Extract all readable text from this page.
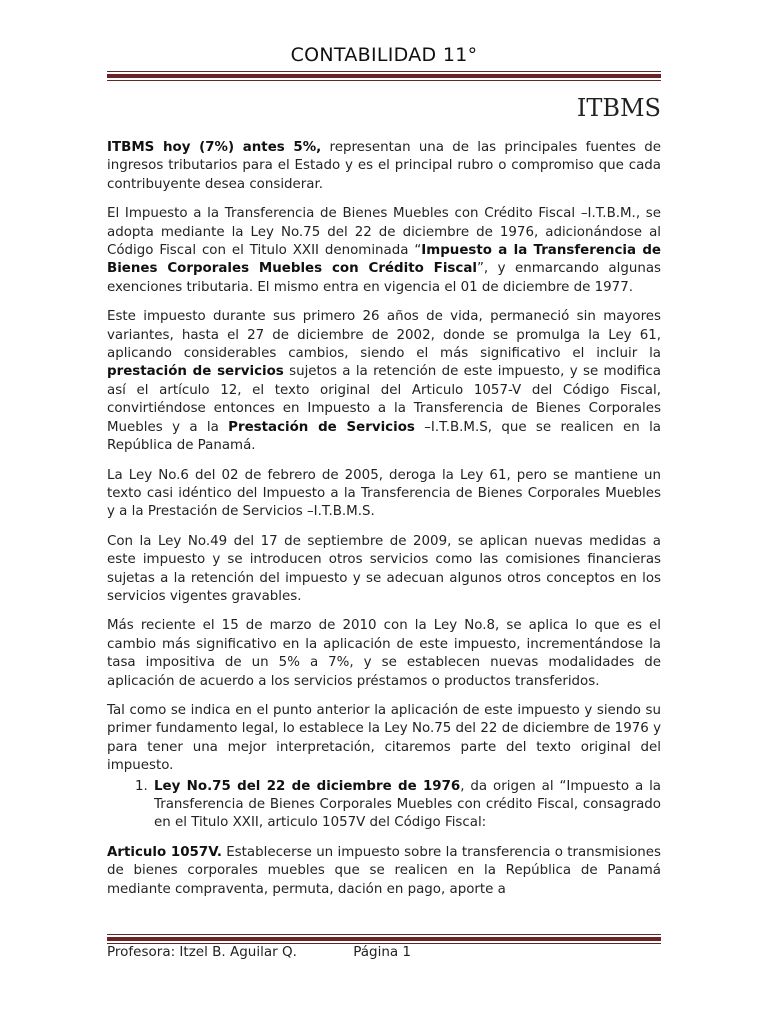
CONTABILIDAD 11°
ITBMS

ITBMS hoy (7%) antes 5%, representan una de las principales fuentes de ingresos tributarios para el Estado y es el principal rubro o compromiso que cada contribuyente desea considerar.

El Impuesto a la Transferencia de Bienes Muebles con Crédito Fiscal –I.T.B.M., se adopta mediante la Ley No.75 del 22 de diciembre de 1976, adicionándose al Código Fiscal con el Titulo XXII denominada “Impuesto a la Transferencia de Bienes Corporales Muebles con Crédito Fiscal”, y enmarcando algunas exenciones tributaria. El mismo entra en vigencia el 01 de diciembre de 1977.

Este impuesto durante sus primero 26 años de vida, permaneció sin mayores variantes, hasta el 27 de diciembre de 2002, donde se promulga la Ley 61, aplicando considerables cambios, siendo el más significativo el incluir la prestación de servicios sujetos a la retención de este impuesto, y se modifica así el artículo 12, el texto original del Articulo 1057-V del Código Fiscal, convirtiéndose entonces en Impuesto a la Transferencia de Bienes Corporales Muebles y a la Prestación de Servicios –I.T.B.M.S, que se realicen en la República de Panamá.

La Ley No.6 del 02 de febrero de 2005, deroga la Ley 61, pero se mantiene un texto casi idéntico del Impuesto a la Transferencia de Bienes Corporales Muebles y a la Prestación de Servicios –I.T.B.M.S.

Con la Ley No.49 del 17 de septiembre de 2009, se aplican nuevas medidas a este impuesto y se introducen otros servicios como las comisiones financieras sujetas a la retención del impuesto y se adecuan algunos otros conceptos en los servicios vigentes gravables.

Más reciente el 15 de marzo de 2010 con la Ley No.8, se aplica lo que es el cambio más significativo en la aplicación de este impuesto, incrementándose la tasa impositiva de un 5% a 7%, y se establecen nuevas modalidades de aplicación de acuerdo a los servicios préstamos o productos transferidos.

Tal como se indica en el punto anterior la aplicación de este impuesto y siendo su primer fundamento legal, lo establece la Ley No.75 del 22 de diciembre de 1976 y para tener una mejor interpretación, citaremos parte del texto original del impuesto.

1. Ley No.75 del 22 de diciembre de 1976, da origen al “Impuesto a la Transferencia de Bienes Corporales Muebles con crédito Fiscal, consagrado en el Titulo XXII, articulo 1057V del Código Fiscal:

Articulo 1057V. Establecerse un impuesto sobre la transferencia o transmisiones de bienes corporales muebles que se realicen en la República de Panamá mediante compraventa, permuta, dación en pago, aporte a

Profesora: Itzel B. Aguilar Q.	Página 1
